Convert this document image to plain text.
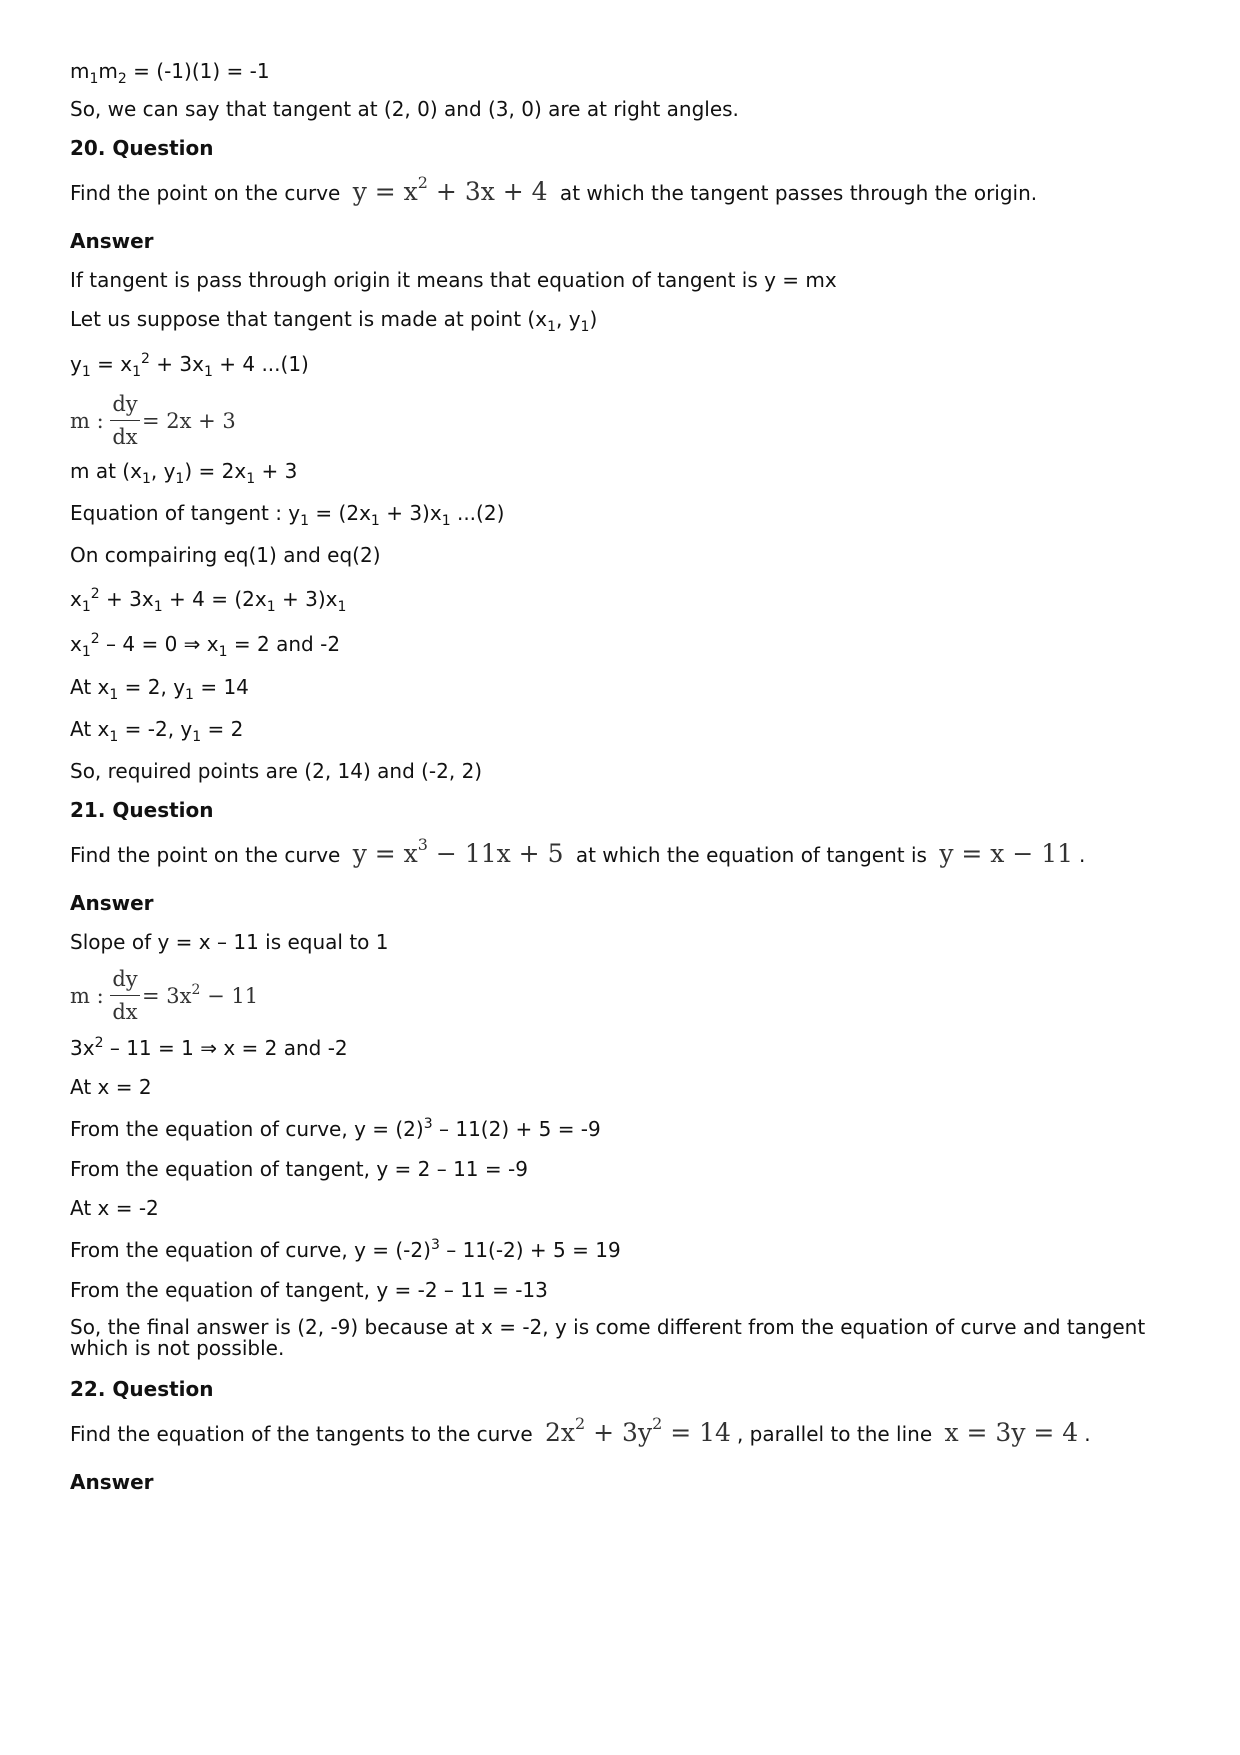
$m_1m_2 = (-1)(1) = -1$
So, we can say that tangent at (2, 0) and (3, 0) are at right angles.
20. Question
Find the point on the curve $y = x^2 + 3x + 4$ at which the tangent passes through the origin.
Answer
If tangent is pass through origin it means that equation of tangent is y = mx
Let us suppose that tangent is made at point ($x_1$, $y_1$)
$y_1 = x_1^2 + 3x_1 + 4$ ...(1)
m :
dy
dx
= 2x + 3
m at ($x_1$, $y_1) = 2x_1 + 3$
Equation of tangent : $y_1 = (2x_1 + 3)x_1$ ...(2)
On compairing eq(1) and eq(2)
$x_1^2 + 3x_1 + 4 = (2x_1 + 3)x_1$
$x_1^2 - 4 = 0$ ⇒ $x_1 = 2$ and -2
At $x_1 = 2$, $y_1 = 14$
At $x_1 = -2$, $y_1 = 2$
So, required points are (2, 14) and (-2, 2)
21. Question
Find the point on the curve $y = x^3 - 11x + 5$ at which the equation of tangent is y = x − 11 .
Answer
Slope of y = x – 11 is equal to 1
m :
dy
dx
= $3x^2 - 11$
$3x^2 - 11 = 1$ ⇒ x = 2 and -2
At x = 2
From the equation of curve, $y = (2)^3 - 11(2) + 5 = -9$
From the equation of tangent, y = 2 – 11 = -9
At x = -2
From the equation of curve, $y = (-2)^3 - 11(-2) + 5 = 19$
From the equation of tangent, y = -2 – 11 = -13
So, the final answer is (2, -9) because at x = -2, y is come different from the equation of curve and tangent which is not possible.
22. Question
Find the equation of the tangents to the curve $2x^2 + 3y^2 = 14$ , parallel to the line x = 3y = 4 .
Answer
